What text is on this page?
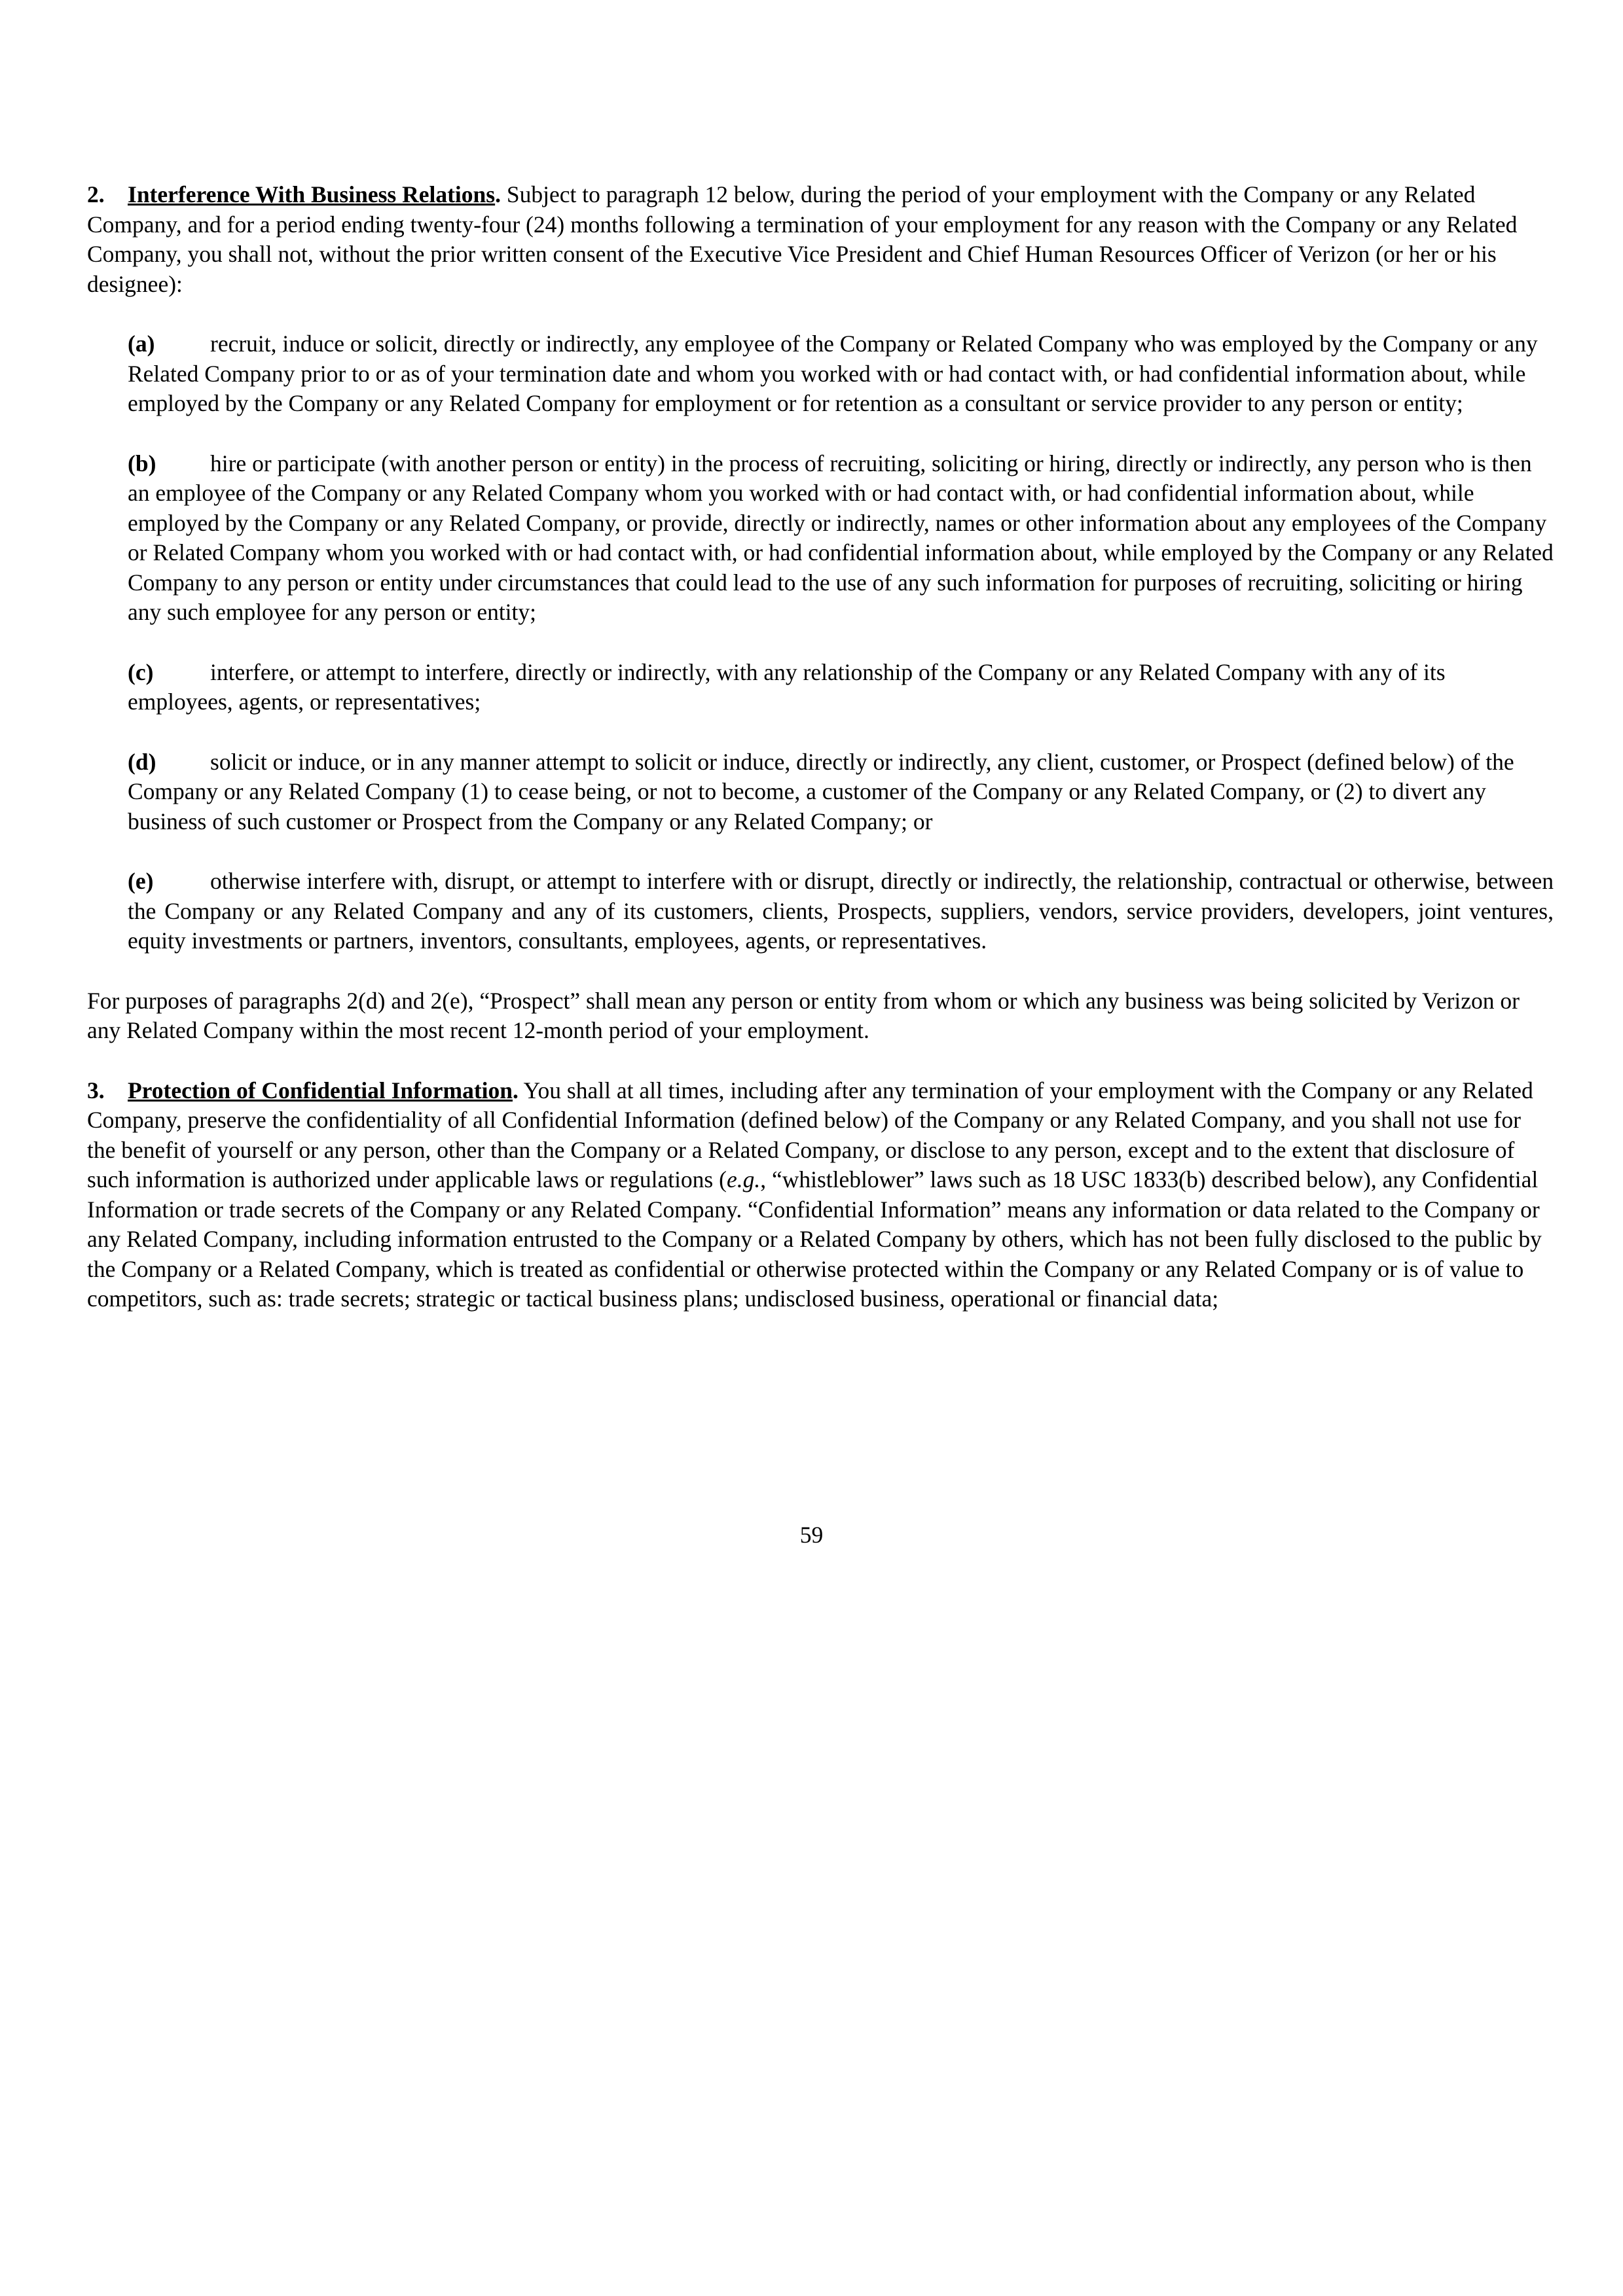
2. Interference With Business Relations. Subject to paragraph 12 below, during the period of your employment with the Company or any Related Company, and for a period ending twenty-four (24) months following a termination of your employment for any reason with the Company or any Related Company, you shall not, without the prior written consent of the Executive Vice President and Chief Human Resources Officer of Verizon (or her or his designee):

(a) recruit, induce or solicit, directly or indirectly, any employee of the Company or Related Company who was employed by the Company or any Related Company prior to or as of your termination date and whom you worked with or had contact with, or had confidential information about, while employed by the Company or any Related Company for employment or for retention as a consultant or service provider to any person or entity;

(b) hire or participate (with another person or entity) in the process of recruiting, soliciting or hiring, directly or indirectly, any person who is then an employee of the Company or any Related Company whom you worked with or had contact with, or had confidential information about, while employed by the Company or any Related Company, or provide, directly or indirectly, names or other information about any employees of the Company or Related Company whom you worked with or had contact with, or had confidential information about, while employed by the Company or any Related Company to any person or entity under circumstances that could lead to the use of any such information for purposes of recruiting, soliciting or hiring any such employee for any person or entity;

(c) interfere, or attempt to interfere, directly or indirectly, with any relationship of the Company or any Related Company with any of its employees, agents, or representatives;

(d) solicit or induce, or in any manner attempt to solicit or induce, directly or indirectly, any client, customer, or Prospect (defined below) of the Company or any Related Company (1) to cease being, or not to become, a customer of the Company or any Related Company, or (2) to divert any business of such customer or Prospect from the Company or any Related Company; or

(e) otherwise interfere with, disrupt, or attempt to interfere with or disrupt, directly or indirectly, the relationship, contractual or otherwise, between the Company or any Related Company and any of its customers, clients, Prospects, suppliers, vendors, service providers, developers, joint ventures, equity investments or partners, inventors, consultants, employees, agents, or representatives.

For purposes of paragraphs 2(d) and 2(e), “Prospect” shall mean any person or entity from whom or which any business was being solicited by Verizon or any Related Company within the most recent 12-month period of your employment.

3. Protection of Confidential Information. You shall at all times, including after any termination of your employment with the Company or any Related Company, preserve the confidentiality of all Confidential Information (defined below) of the Company or any Related Company, and you shall not use for the benefit of yourself or any person, other than the Company or a Related Company, or disclose to any person, except and to the extent that disclosure of such information is authorized under applicable laws or regulations (e.g., “whistleblower” laws such as 18 USC 1833(b) described below), any Confidential Information or trade secrets of the Company or any Related Company. “Confidential Information” means any information or data related to the Company or any Related Company, including information entrusted to the Company or a Related Company by others, which has not been fully disclosed to the public by the Company or a Related Company, which is treated as confidential or otherwise protected within the Company or any Related Company or is of value to competitors, such as: trade secrets; strategic or tactical business plans; undisclosed business, operational or financial data;

59
